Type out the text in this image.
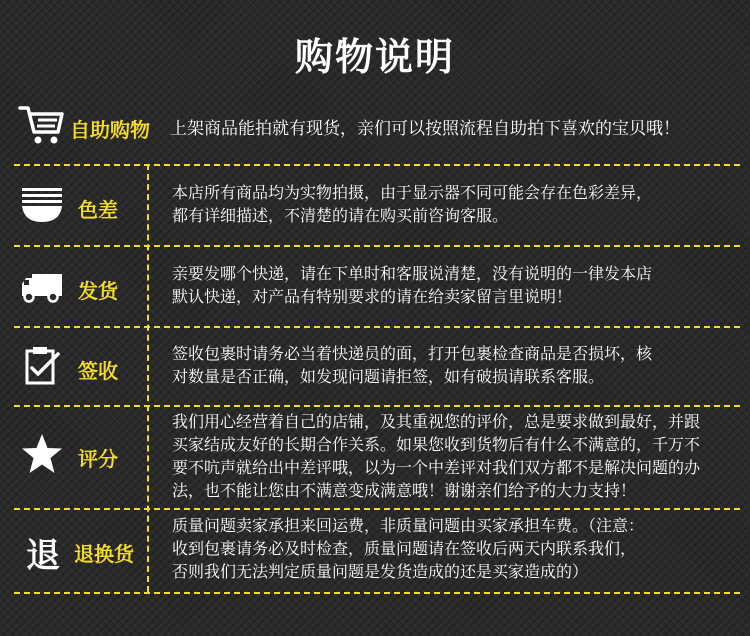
购物说明
自助购物 上架商品能拍就有现货，亲们可以按照流程自助拍下喜欢的宝贝哦！
色差
本店所有商品均为实物拍摄，由于显示器不同可能会存在色彩差异，
都有详细描述，不清楚的请在购买前咨询客服。
发货
亲要发哪个快递，请在下单时和客服说清楚，没有说明的一律发本店
默认快递，对产品有特别要求的请在给卖家留言里说明！
签收
签收包裹时请务必当着快递员的面，打开包裹检查商品是否损坏，核
对数量是否正确，如发现问题请拒签，如有破损请联系客服。
评分
我们用心经营着自己的店铺，及其重视您的评价，总是要求做到最好，并跟
买家结成友好的长期合作关系。如果您收到货物后有什么不满意的，千万不
要不吭声就给出中差评哦，以为一个中差评对我们双方都不是解决问题的办
法，也不能让您由不满意变成满意哦！谢谢亲们给予的大力支持！
退 退换货
质量问题卖家承担来回运费，非质量问题由买家承担车费。（注意：
收到包裹请务必及时检查，质量问题请在签收后两天内联系我们，
否则我们无法判定质量问题是发货造成的还是买家造成的）
